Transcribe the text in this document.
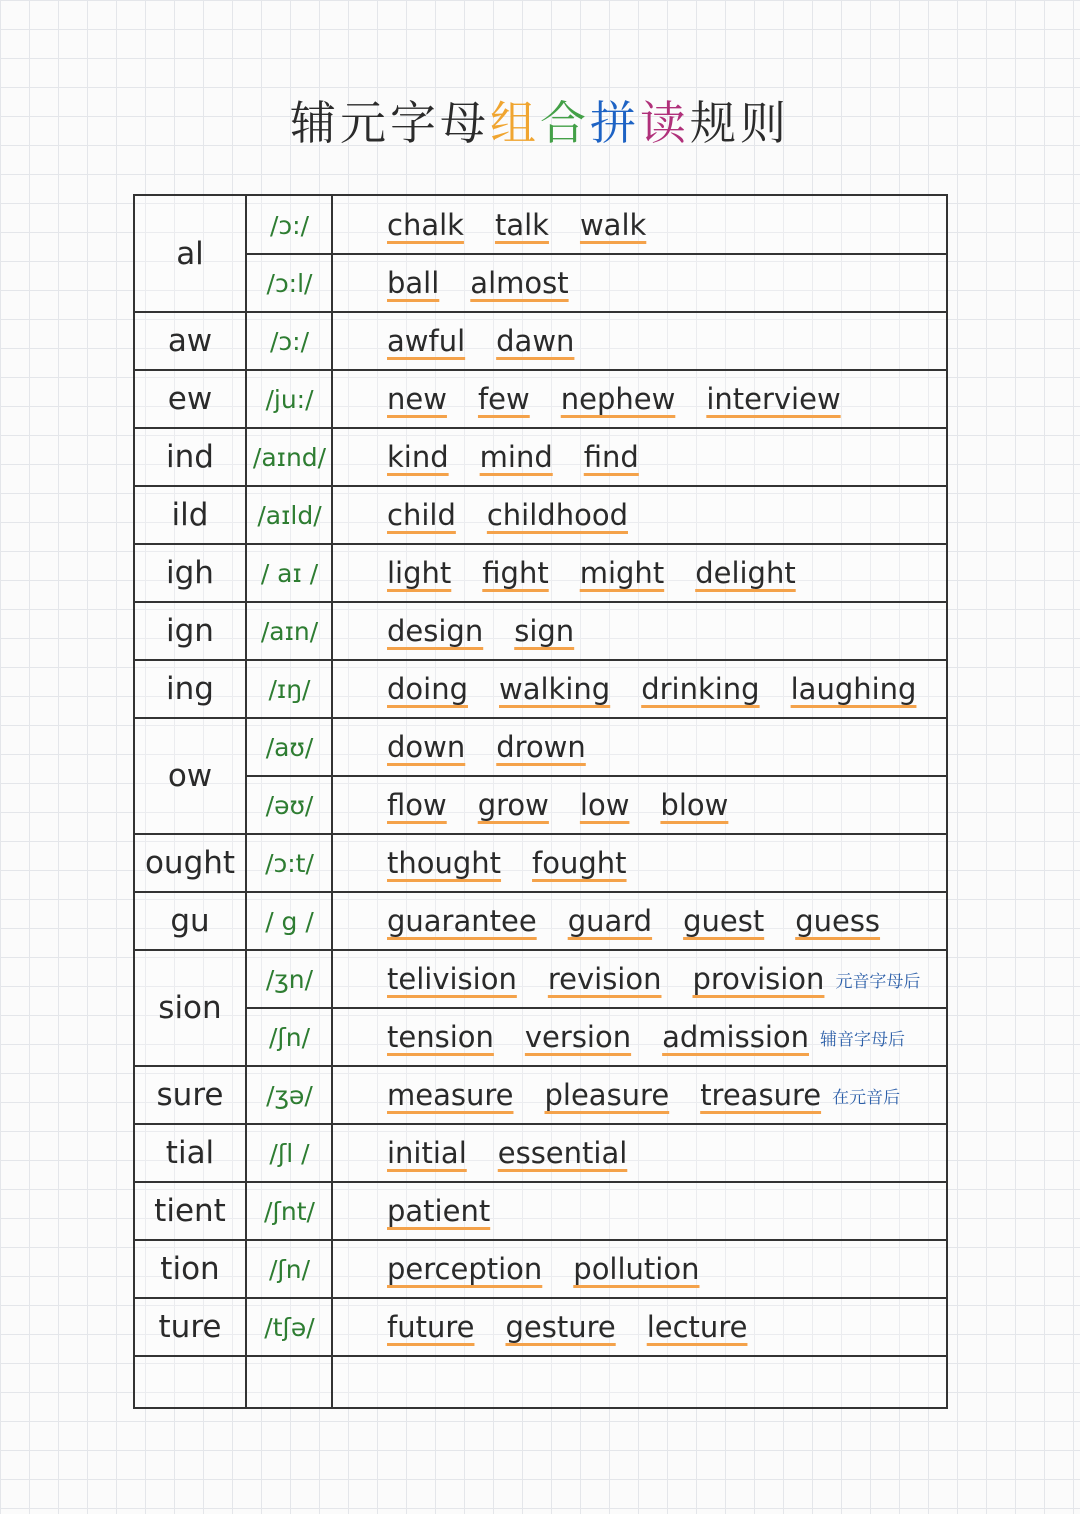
辅元字母组合拼读规则
al
/ɔ:/	chalk talk walk
/ɔ:l/	ball almost
aw	/ɔ:/	awful dawn
ew	/ju:/	new few nephew interview
ind	/aɪnd/ kind mind find
ild	/aɪld/ child childhood
igh	/ aɪ / light fight might delight
ign	/aɪn/ design sign
ing	/ɪŋ/	doing walking drinking laughing
ow
/aʊ/	down drown
/əʊ/	flow grow low blow
ought	/ɔ:t/	thought fought
gu	/ g /	guarantee guard guest guess
sion
/ʒn/	telivision revision provision 元音字母后
/ʃn/	tension version admission 辅音字母后
sure	/ʒə/	measure pleasure treasure 在元音后
tial	/ʃl /	initial essential
tient	/ʃnt/ patient
tion	/ʃn/	perception pollution
ture	/tʃə/ future gesture lecture
